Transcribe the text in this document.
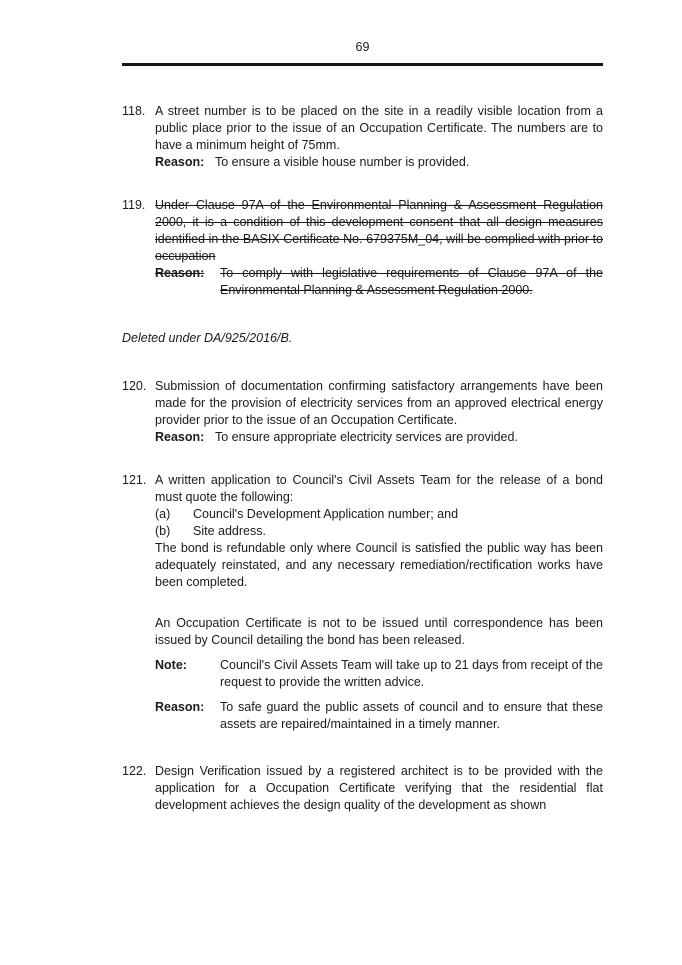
69
118. A street number is to be placed on the site in a readily visible location from a public place prior to the issue of an Occupation Certificate. The numbers are to have a minimum height of 75mm.

Reason: To ensure a visible house number is provided.
119. Under Clause 97A of the Environmental Planning & Assessment Regulation 2000, it is a condition of this development consent that all design measures identified in the BASIX Certificate No. 679375M_04, will be complied with prior to occupation

Reason:	To comply with legislative requirements of Clause 97A of the Environmental Planning & Assessment Regulation 2000.

Deleted under DA/925/2016/B.

120. Submission of documentation confirming satisfactory arrangements have been made for the provision of electricity services from an approved electrical energy provider prior to the issue of an Occupation Certificate.

Reason: To ensure appropriate electricity services are provided.
121. A written application to Council's Civil Assets Team for the release of a bond must quote the following:

(a)	Council's Development Application number; and
(b)	Site address.

The bond is refundable only where Council is satisfied the public way has been adequately reinstated, and any necessary remediation/rectification works have been completed.

An Occupation Certificate is not to be issued until correspondence has been issued by Council detailing the bond has been released.

Note:	Council's Civil Assets Team will take up to 21 days from receipt of the request to provide the written advice.
Reason:	To safe guard the public assets of council and to ensure that these assets are repaired/maintained in a timely manner.
122. Design Verification issued by a registered architect is to be provided with the application for a Occupation Certificate verifying that the residential flat development achieves the design quality of the development as shown
